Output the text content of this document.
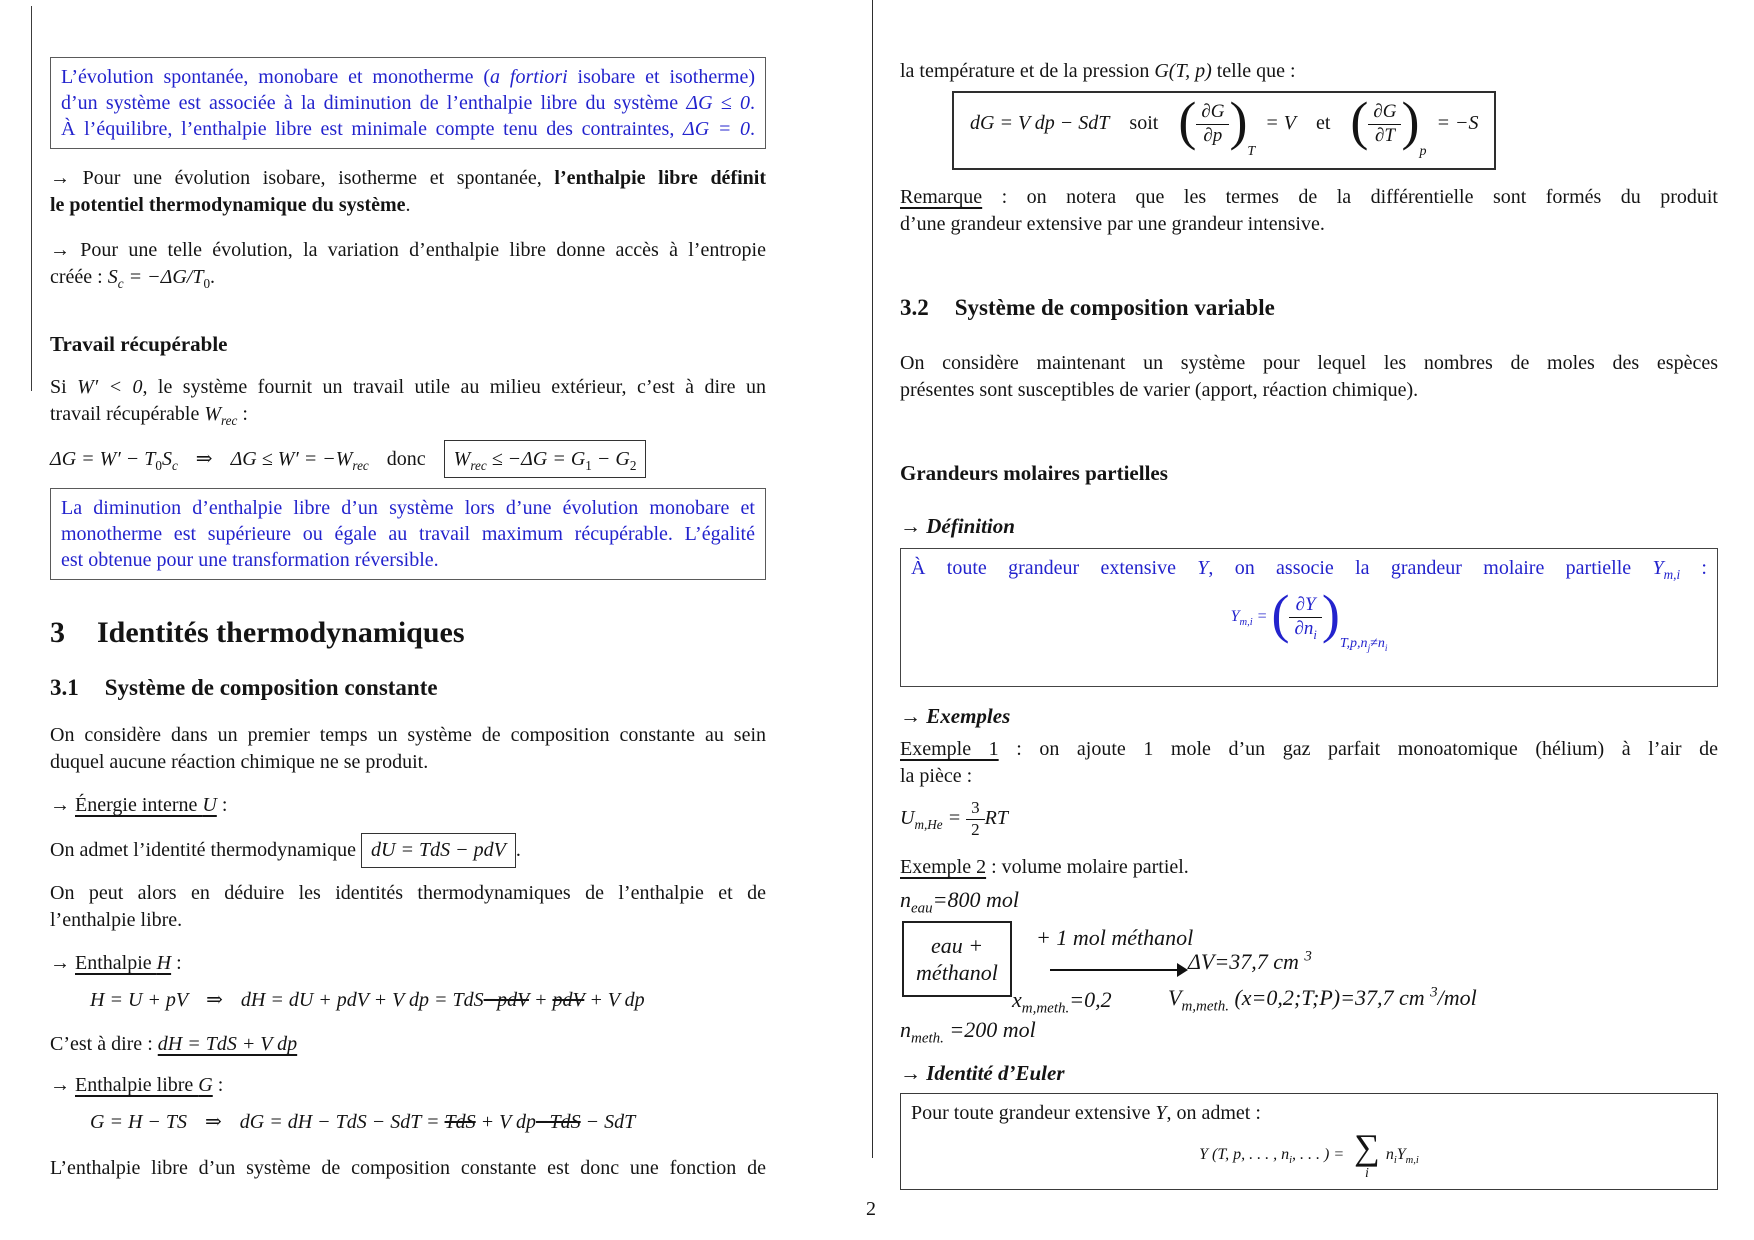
L’évolution spontanée, monobare et monotherme (a fortiori isobare et isotherme)
d’un système est associée à la diminution de l’enthalpie libre du système ΔG ≤ 0.
À l’équilibre, l’enthalpie libre est minimale compte tenu des contraintes, ΔG = 0.
→ Pour une évolution isobare, isotherme et spontanée, l’enthalpie libre définit
le potentiel thermodynamique du système.
→ Pour une telle évolution, la variation d’enthalpie libre donne accès à l’entropie
créée : $S_c = -\Delta G/T_0$.
Travail récupérable
Si W′ < 0, le système fournit un travail utile au milieu extérieur, c’est à dire un
travail récupérable $W_{rec}$ :
$\Delta G = W' - T_0S_c$ ⇒ $\Delta G \le W' = -W_{rec}$ donc $W_{rec} \le -\Delta G = G_1 - G_2$
La diminution d’enthalpie libre d’un système lors d’une évolution monobare et
monotherme est supérieure ou égale au travail maximum récupérable. L’égalité
est obtenue pour une transformation réversible.
3 Identités thermodynamiques
3.1 Système de composition constante
On considère dans un premier temps un système de composition constante au sein
duquel aucune réaction chimique ne se produit.
→ Énergie interne U :
On admet l’identité thermodynamique dU = TdS − pdV .
On peut alors en déduire les identités thermodynamiques de l’enthalpie et de
l’enthalpie libre.
→ Enthalpie H :
H = U + pV ⇒ dH = dU + pdV + V dp = TdS−pdV + pdV + V dp
C’est à dire : dH = TdS + V dp
→ Enthalpie libre G :
G = H − TS ⇒ dG = dH − TdS − SdT = TdS + V dp−TdS − SdT
L’enthalpie libre d’un système de composition constante est donc une fonction de
la température et de la pression G(T, p) telle que :
dG = V dp − SdT soit ( $\frac{\partial G}{\partial p} )T= V$ et ( $\frac{\partial G}{\partial T} )p= -S$
Remarque : on notera que les termes de la différentielle sont formés du produit
d’une grandeur extensive par une grandeur intensive.
3.2 Système de composition variable
On considère maintenant un système pour lequel les nombres de moles des espèces
présentes sont susceptibles de varier (apport, réaction chimique).
Grandeurs molaires partielles
→ Définition
À toute grandeur extensive Y, on associe la grandeur molaire partielle $Y_{m,i}$ :
$Y_{m,i}$ = ( $\frac{\partial Y}{\partial n_i} )T,p,n_j\ne n_i$
→ Exemples
Exemple 1 : on ajoute 1 mole d’un gaz parfait monoatomique (hélium) à l’air de
la pièce :
$U_{m,He} = \frac{3}{2}$ RT
Exemple 2 : volume molaire partiel.
$n_{eau}=800$ mol
eau +
méthanol
+ 1 mol méthanol
ΔV=37,7 cm $^3$
$x_{m,meth.}=0,2$	$V_{m,meth.}$ (x=0,2;T;P)=37,7 cm $^3$/mol
$n_{meth.} =200$ mol
→ Identité d’Euler
Pour toute grandeur extensive Y, on admet :
Y (T, p, . . . , $n_i$, . . . ) = ∑
i
$n_iY_{m,i}$
2
